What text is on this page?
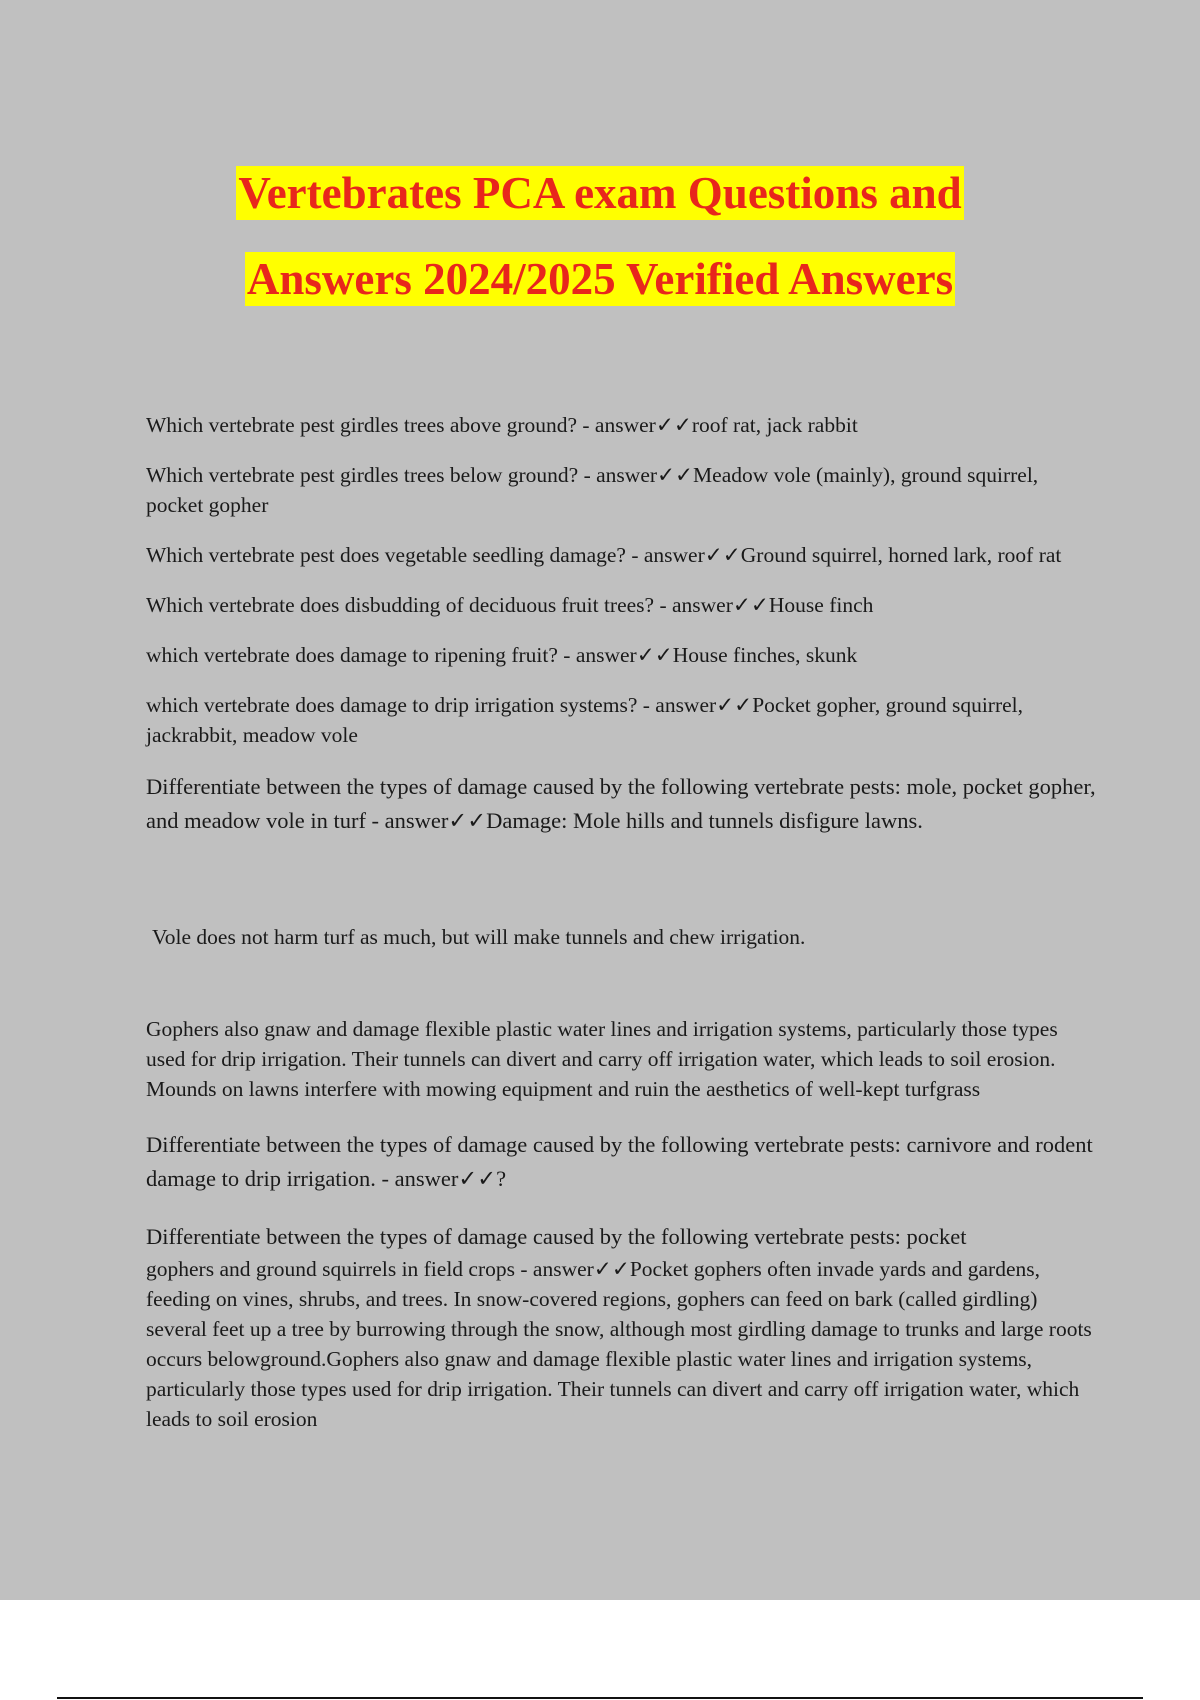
Vertebrates PCA exam Questions and
Answers 2024/2025 Verified Answers

Which vertebrate pest girdles trees above ground? - answer✓✓roof rat, jack rabbit

Which vertebrate pest girdles trees below ground? - answer✓✓Meadow vole (mainly), ground squirrel, pocket gopher

Which vertebrate pest does vegetable seedling damage? - answer✓✓Ground squirrel, horned lark, roof rat

Which vertebrate does disbudding of deciduous fruit trees? - answer✓✓House finch

which vertebrate does damage to ripening fruit? - answer✓✓House finches, skunk

which vertebrate does damage to drip irrigation systems? - answer✓✓Pocket gopher, ground squirrel, jackrabbit, meadow vole

Differentiate between the types of damage caused by the following vertebrate pests: mole, pocket gopher, and meadow vole in turf - answer✓✓Damage: Mole hills and tunnels disfigure lawns.

Vole does not harm turf as much, but will make tunnels and chew irrigation.

Gophers also gnaw and damage flexible plastic water lines and irrigation systems, particularly those types used for drip irrigation. Their tunnels can divert and carry off irrigation water, which leads to soil erosion. Mounds on lawns interfere with mowing equipment and ruin the aesthetics of well-kept turfgrass

Differentiate between the types of damage caused by the following vertebrate pests: carnivore and rodent damage to drip irrigation. - answer✓✓?

Differentiate between the types of damage caused by the following vertebrate pests: pocket
gophers and ground squirrels in field crops - answer✓✓Pocket gophers often invade yards and gardens, feeding on vines, shrubs, and trees. In snow-covered regions, gophers can feed on bark (called girdling) several feet up a tree by burrowing through the snow, although most girdling damage to trunks and large roots occurs belowground.Gophers also gnaw and damage flexible plastic water lines and irrigation systems, particularly those types used for drip irrigation. Their tunnels can divert and carry off irrigation water, which leads to soil erosion
